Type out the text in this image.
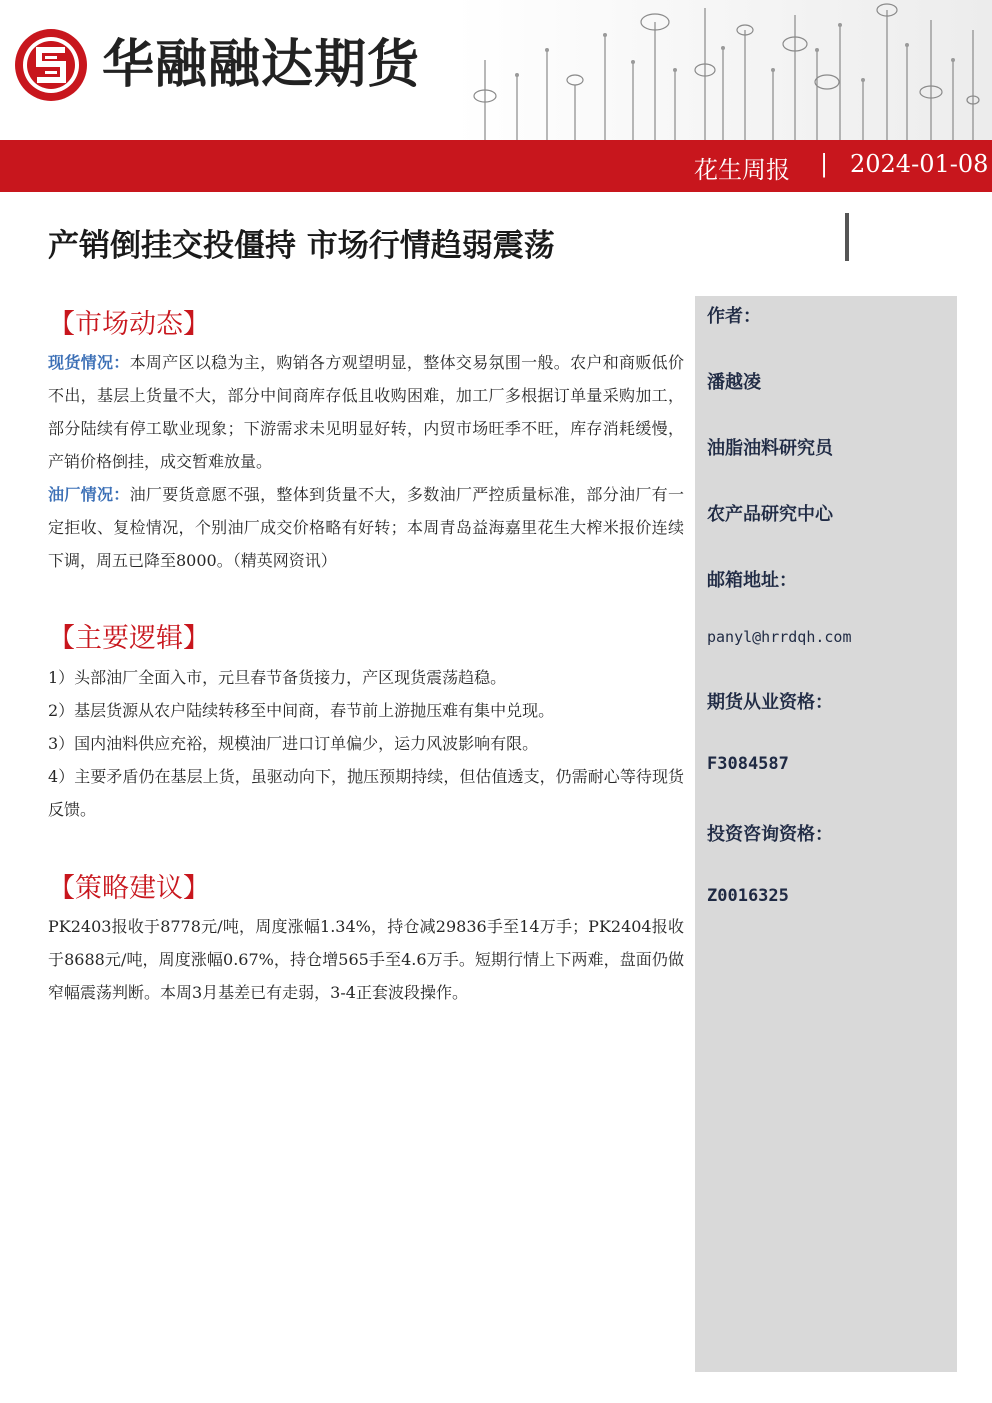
华融融达期货
花生周报 | 2024-01-08
产销倒挂交投僵持 市场行情趋弱震荡
作者：
潘越凌
油脂油料研究员
农产品研究中心
邮箱地址：
panyl@hrrdqh.com
期货从业资格：
F3084587
投资咨询资格：
Z0016325
【市场动态】

现货情况：本周产区以稳为主，购销各方观望明显，整体交易氛围一般。农户和商贩低价不出，基层上货量不大，部分中间商库存低且收购困难，加工厂多根据订单量采购加工，部分陆续有停工歇业现象；下游需求未见明显好转，内贸市场旺季不旺，库存消耗缓慢，产销价格倒挂，成交暂难放量。

油厂情况：油厂要货意愿不强，整体到货量不大，多数油厂严控质量标准，部分油厂有一定拒收、复检情况，个别油厂成交价格略有好转；本周青岛益海嘉里花生大榨米报价连续下调，周五已降至8000。（精英网资讯）

【主要逻辑】

1）头部油厂全面入市，元旦春节备货接力，产区现货震荡趋稳。

2）基层货源从农户陆续转移至中间商，春节前上游抛压难有集中兑现。

3）国内油料供应充裕，规模油厂进口订单偏少，运力风波影响有限。

4）主要矛盾仍在基层上货，虽驱动向下，抛压预期持续，但估值透支，仍需耐心等待现货反馈。

【策略建议】

PK2403报收于8778元/吨，周度涨幅1.34%，持仓减29836手至14万手；PK2404报收于8688元/吨，周度涨幅0.67%，持仓增565手至4.6万手。短期行情上下两难，盘面仍做窄幅震荡判断。本周3月基差已有走弱，3-4正套波段操作。
